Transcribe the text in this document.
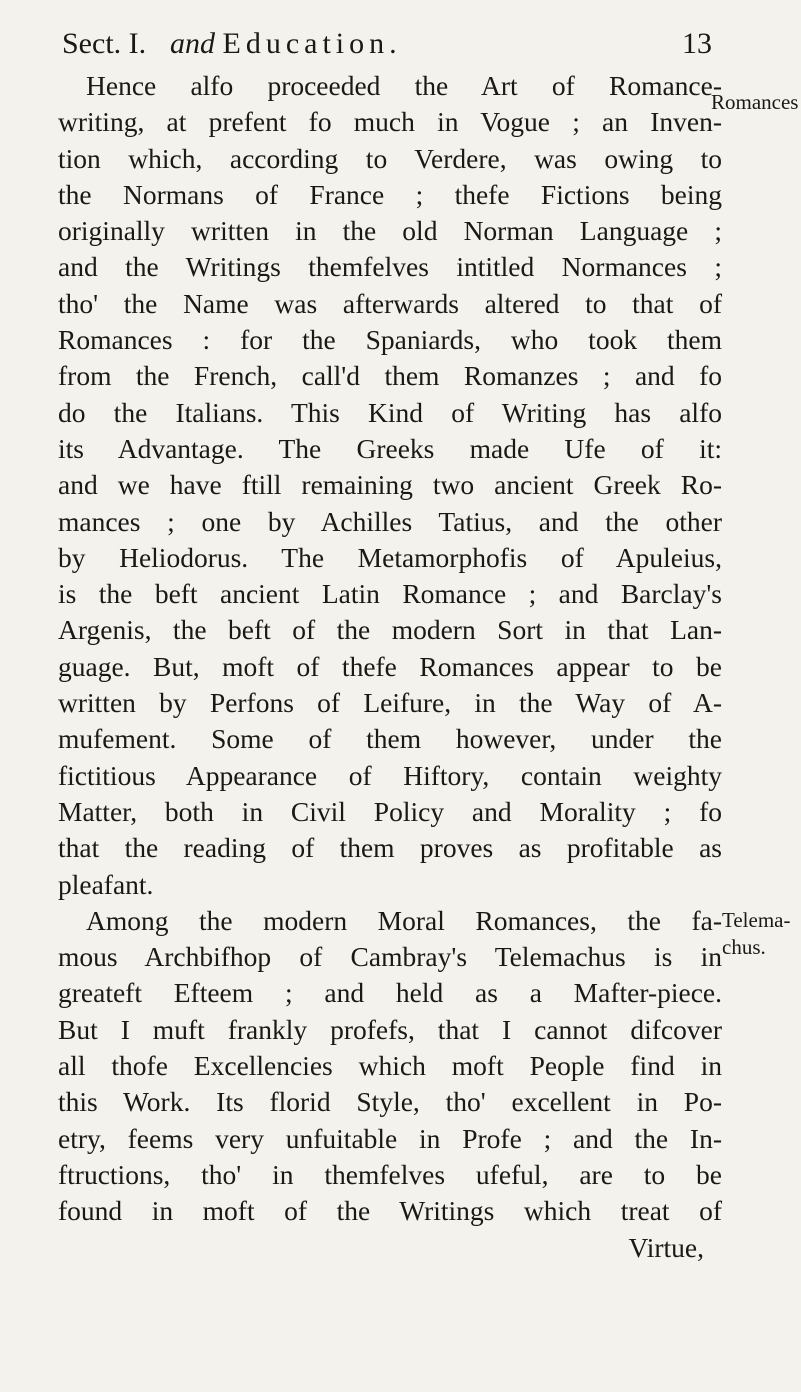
Sect. I. and Education.	13
Romances
Telema-
chus.
Hence alfo proceeded the Art of Romance-
writing, at prefent fo much in Vogue ; an Inven-
tion which, according to Verdere, was owing to
the Normans of France ; thefe Fictions being
originally written in the old Norman Language ;
and the Writings themfelves intitled Normances ;
tho' the Name was afterwards altered to that of
Romances : for the Spaniards, who took them
from the French, call'd them Romanzes ; and fo
do the Italians. This Kind of Writing has alfo
its Advantage. The Greeks made Ufe of it:
and we have ftill remaining two ancient Greek Ro-
mances ; one by Achilles Tatius, and the other
by Heliodorus. The Metamorphofis of Apuleius,
is the beft ancient Latin Romance ; and Barclay's
Argenis, the beft of the modern Sort in that Lan-
guage. But, moft of thefe Romances appear to be
written by Perfons of Leifure, in the Way of A-
mufement. Some of them however, under the
fictitious Appearance of Hiftory, contain weighty
Matter, both in Civil Policy and Morality ; fo
that the reading of them proves as profitable as
pleafant.
Among the modern Moral Romances, the fa-
mous Archbifhop of Cambray's Telemachus is in
greateft Efteem ; and held as a Mafter-piece.
But I muft frankly profefs, that I cannot difcover
all thofe Excellencies which moft People find in
this Work. Its florid Style, tho' excellent in Po-
etry, feems very unfuitable in Profe ; and the In-
ftructions, tho' in themfelves ufeful, are to be
found in moft of the Writings which treat of
Virtue,
